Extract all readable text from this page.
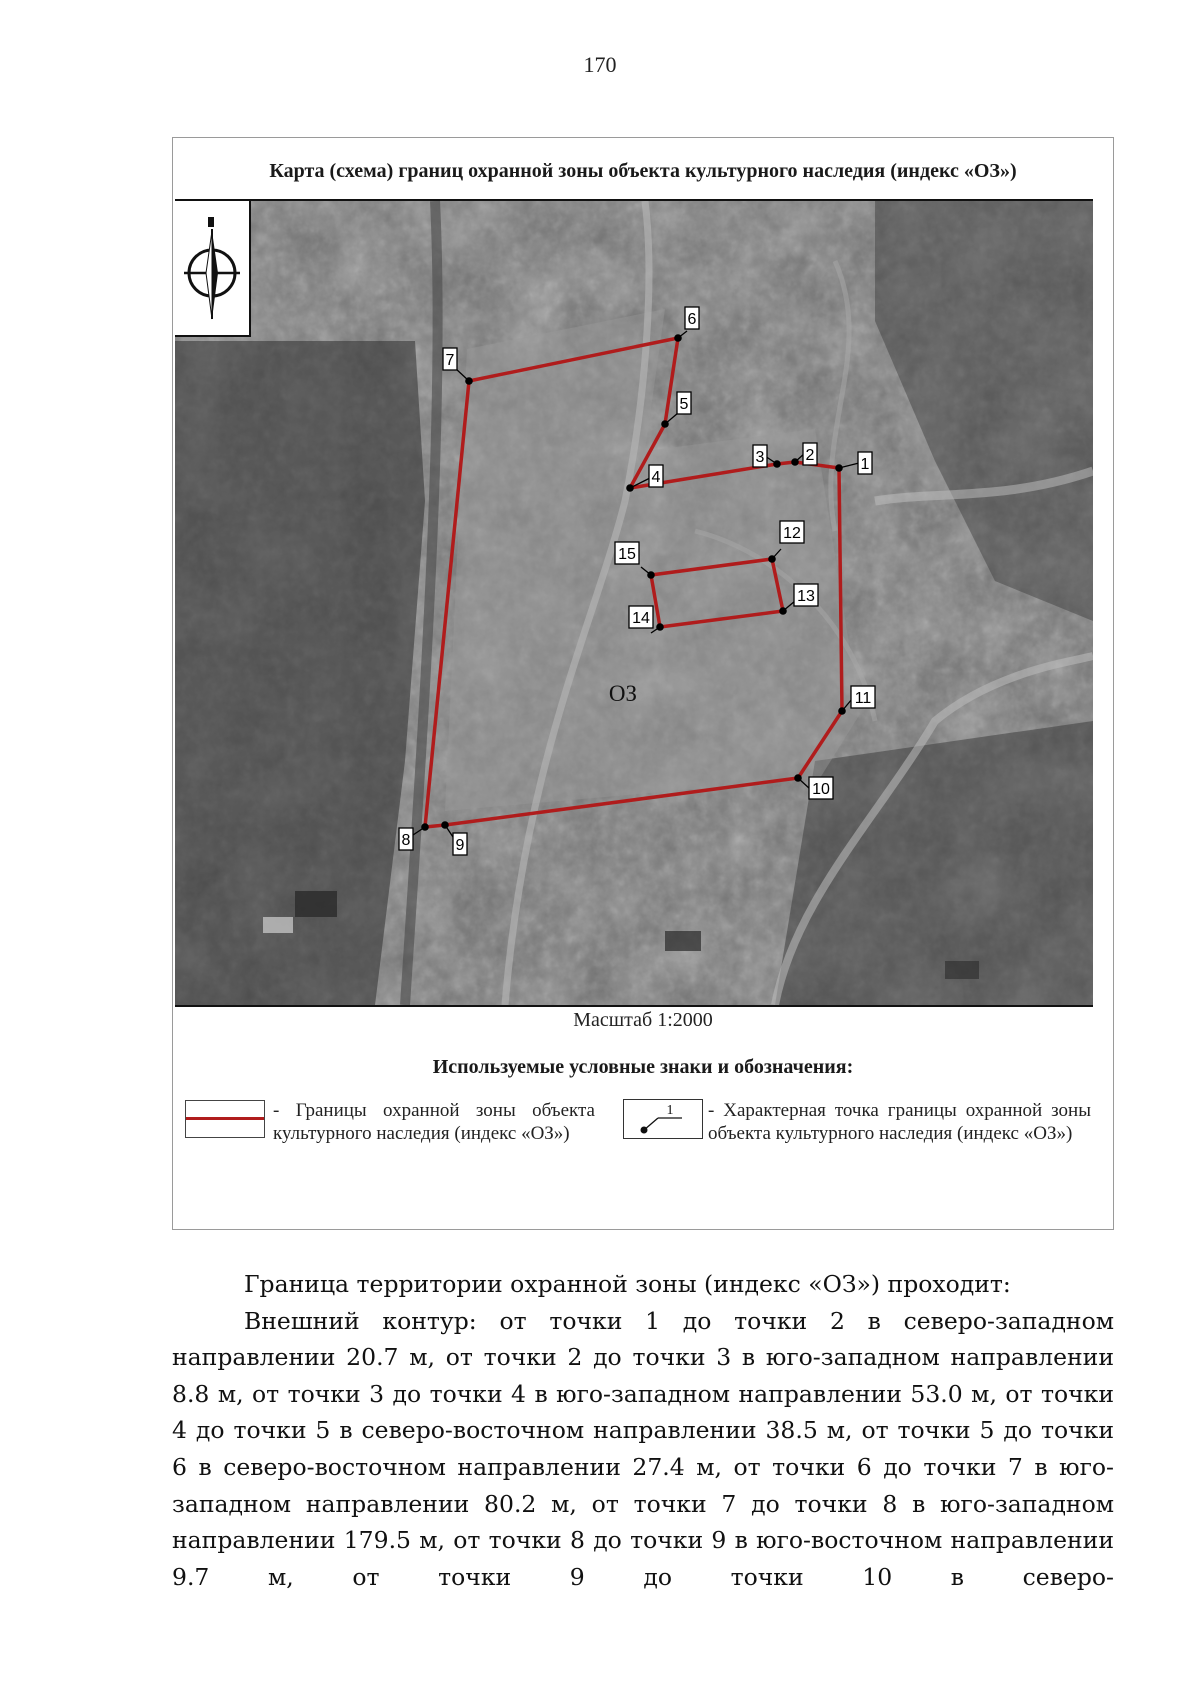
170
Карта (схема) границ охранной зоны объекта культурного наследия (индекс «ОЗ»)
1
2
3
4
5
6
7
8	9
10
11
12
13
14
15
ОЗ
Масштаб 1:2000
Используемые условные знаки и обозначения:
- Границы охранной зоны объекта культурного наследия (индекс «ОЗ»)
1 - Характерная точка границы охранной зоны объекта культурного наследия (индекс «ОЗ»)

Граница территории охранной зоны (индекс «ОЗ») проходит:

Внешний контур: от точки 1 до точки 2 в северо-западном направлении 20.7 м, от точки 2 до точки 3 в юго-западном направлении 8.8 м, от точки 3 до точки 4 в юго-западном направлении 53.0 м, от точки 4 до точки 5 в северо-восточном направлении 38.5 м, от точки 5 до точки 6 в северо-восточном направлении 27.4 м, от точки 6 до точки 7 в юго-западном направлении 80.2 м, от точки 7 до точки 8 в юго-западном направлении 179.5 м, от точки 8 до точки 9 в юго-восточном направлении 9.7 м, от точки 9 до точки 10 в северо-
